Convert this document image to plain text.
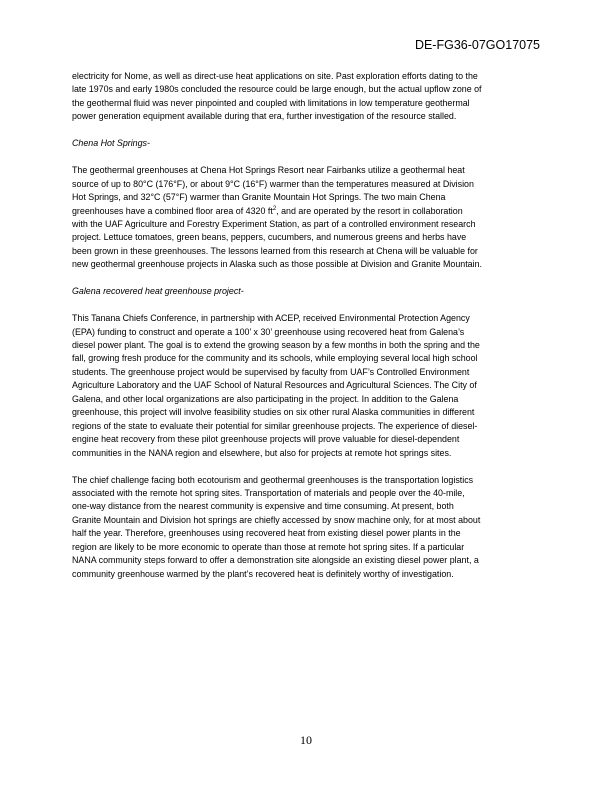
DE-FG36-07GO17075

electricity for Nome, as well as direct-use heat applications on site. Past exploration efforts dating to the
late 1970s and early 1980s concluded the resource could be large enough, but the actual upflow zone of
the geothermal fluid was never pinpointed and coupled with limitations in low temperature geothermal
power generation equipment available during that era, further investigation of the resource stalled.

Chena Hot Springs-

The geothermal greenhouses at Chena Hot Springs Resort near Fairbanks utilize a geothermal heat
source of up to 80°C (176°F), or about 9°C (16°F) warmer than the temperatures measured at Division
Hot Springs, and 32°C (57°F) warmer than Granite Mountain Hot Springs. The two main Chena
greenhouses have a combined floor area of 4320 $ft^2$, and are operated by the resort in collaboration
with the UAF Agriculture and Forestry Experiment Station, as part of a controlled environment research
project. Lettuce tomatoes, green beans, peppers, cucumbers, and numerous greens and herbs have
been grown in these greenhouses. The lessons learned from this research at Chena will be valuable for
new geothermal greenhouse projects in Alaska such as those possible at Division and Granite Mountain.

Galena recovered heat greenhouse project-

This Tanana Chiefs Conference, in partnership with ACEP, received Environmental Protection Agency
(EPA) funding to construct and operate a 100’ x 30’ greenhouse using recovered heat from Galena’s
diesel power plant. The goal is to extend the growing season by a few months in both the spring and the
fall, growing fresh produce for the community and its schools, while employing several local high school
students. The greenhouse project would be supervised by faculty from UAF’s Controlled Environment
Agriculture Laboratory and the UAF School of Natural Resources and Agricultural Sciences. The City of
Galena, and other local organizations are also participating in the project. In addition to the Galena
greenhouse, this project will involve feasibility studies on six other rural Alaska communities in different
regions of the state to evaluate their potential for similar greenhouse projects. The experience of diesel-
engine heat recovery from these pilot greenhouse projects will prove valuable for diesel-dependent
communities in the NANA region and elsewhere, but also for projects at remote hot springs sites.

The chief challenge facing both ecotourism and geothermal greenhouses is the transportation logistics
associated with the remote hot spring sites. Transportation of materials and people over the 40-mile,
one-way distance from the nearest community is expensive and time consuming. At present, both
Granite Mountain and Division hot springs are chiefly accessed by snow machine only, for at most about
half the year. Therefore, greenhouses using recovered heat from existing diesel power plants in the
region are likely to be more economic to operate than those at remote hot spring sites. If a particular
NANA community steps forward to offer a demonstration site alongside an existing diesel power plant, a
community greenhouse warmed by the plant’s recovered heat is definitely worthy of investigation.

10
